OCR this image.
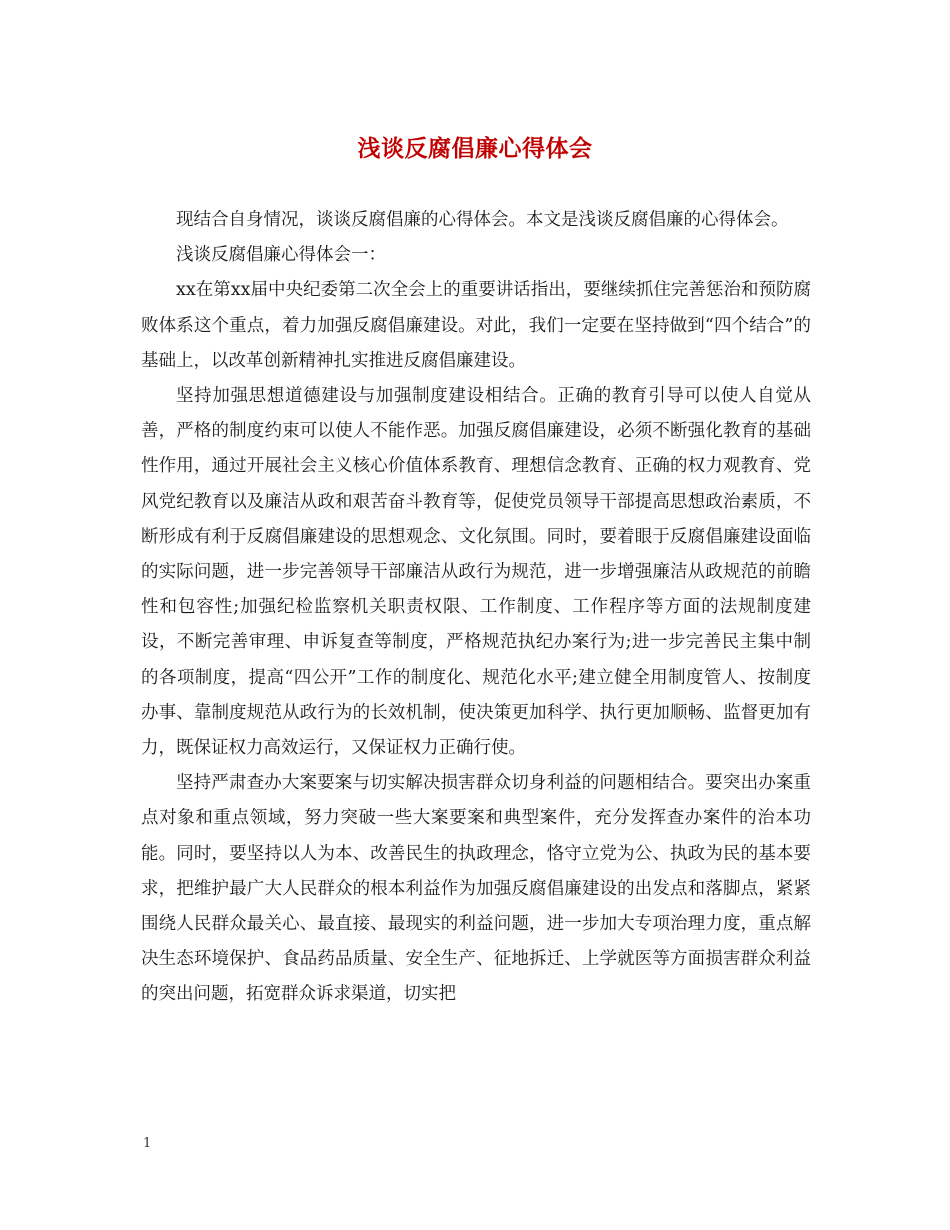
浅谈反腐倡廉心得体会

现结合自身情况，谈谈反腐倡廉的心得体会。本文是浅谈反腐倡廉的心得体会。

浅谈反腐倡廉心得体会一：

xx在第xx届中央纪委第二次全会上的重要讲话指出，要继续抓住完善惩治和预防腐败体系这个重点，着力加强反腐倡廉建设。对此，我们一定要在坚持做到“四个结合”的基础上，以改革创新精神扎实推进反腐倡廉建设。

坚持加强思想道德建设与加强制度建设相结合。正确的教育引导可以使人自觉从善，严格的制度约束可以使人不能作恶。加强反腐倡廉建设，必须不断强化教育的基础性作用，通过开展社会主义核心价值体系教育、理想信念教育、正确的权力观教育、党风党纪教育以及廉洁从政和艰苦奋斗教育等，促使党员领导干部提高思想政治素质，不断形成有利于反腐倡廉建设的思想观念、文化氛围。同时，要着眼于反腐倡廉建设面临的实际问题，进一步完善领导干部廉洁从政行为规范，进一步增强廉洁从政规范的前瞻性和包容性;加强纪检监察机关职责权限、工作制度、工作程序等方面的法规制度建设，不断完善审理、申诉复查等制度，严格规范执纪办案行为;进一步完善民主集中制的各项制度，提高“四公开”工作的制度化、规范化水平;建立健全用制度管人、按制度办事、靠制度规范从政行为的长效机制，使决策更加科学、执行更加顺畅、监督更加有力，既保证权力高效运行，又保证权力正确行使。

坚持严肃查办大案要案与切实解决损害群众切身利益的问题相结合。要突出办案重点对象和重点领域，努力突破一些大案要案和典型案件，充分发挥查办案件的治本功能。同时，要坚持以人为本、改善民生的执政理念，恪守立党为公、执政为民的基本要求，把维护最广大人民群众的根本利益作为加强反腐倡廉建设的出发点和落脚点，紧紧围绕人民群众最关心、最直接、最现实的利益问题，进一步加大专项治理力度，重点解决生态环境保护、食品药品质量、安全生产、征地拆迁、上学就医等方面损害群众利益的突出问题，拓宽群众诉求渠道，切实把

1
